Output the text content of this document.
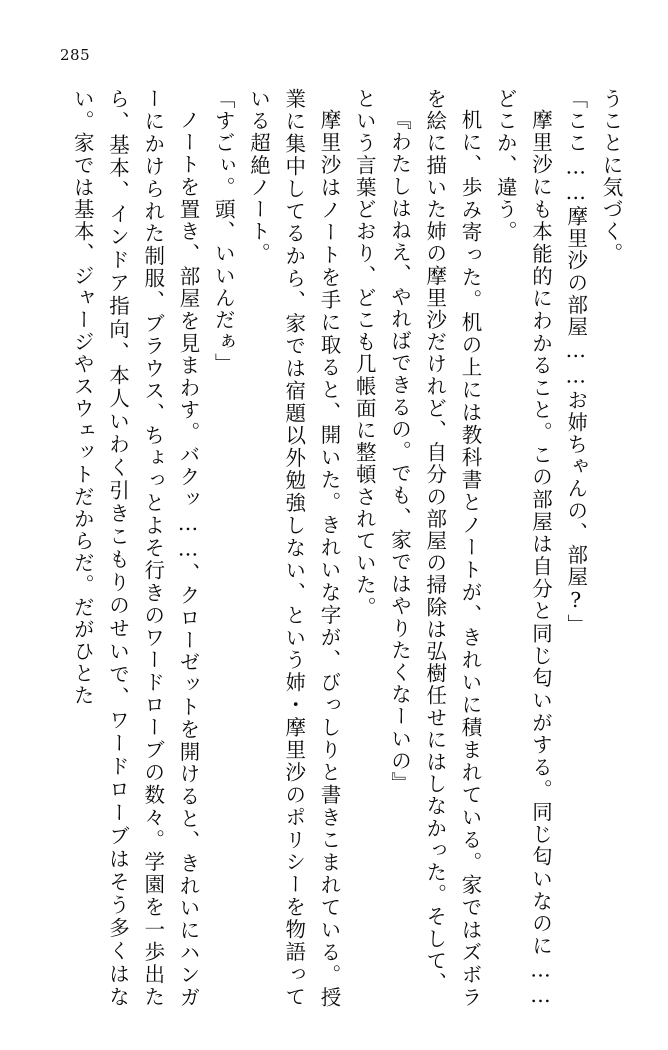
285

うことに気づく。

「ここ……摩里沙の部屋……お姉ちゃんの、部屋?」

摩里沙にも本能的にわかること。この部屋は自分と同じ匂いがする。同じ匂いなのに……どこか、違う。

机に、歩み寄った。机の上には教科書とノートが、きれいに積まれている。家ではズボラを絵に描いた姉の摩里沙だけれど、自分の部屋の掃除は弘樹任せにはしなかった。そして、

『わたしはねえ、やればできるの。でも、家ではやりたくなーいの』

という言葉どおり、どこも几帳面に整頓されていた。

摩里沙はノートを手に取ると、開いた。きれいな字が、びっしりと書きこまれている。授業に集中してるから、家では宿題以外勉強しない、という姉・摩里沙のポリシーを物語っている超絶ノート。

「すごぃ。頭、いいんだぁ」

ノートを置き、部屋を見まわす。バクッ……、クローゼットを開けると、きれいにハンガーにかけられた制服、ブラウス、ちょっとよそ行きのワードローブの数々。学園を一歩出たら、基本、インドア指向、本人いわく引きこもりのせいで、ワードローブはそう多くはない。家では基本、ジャージやスウェットだからだ。だがひとた
